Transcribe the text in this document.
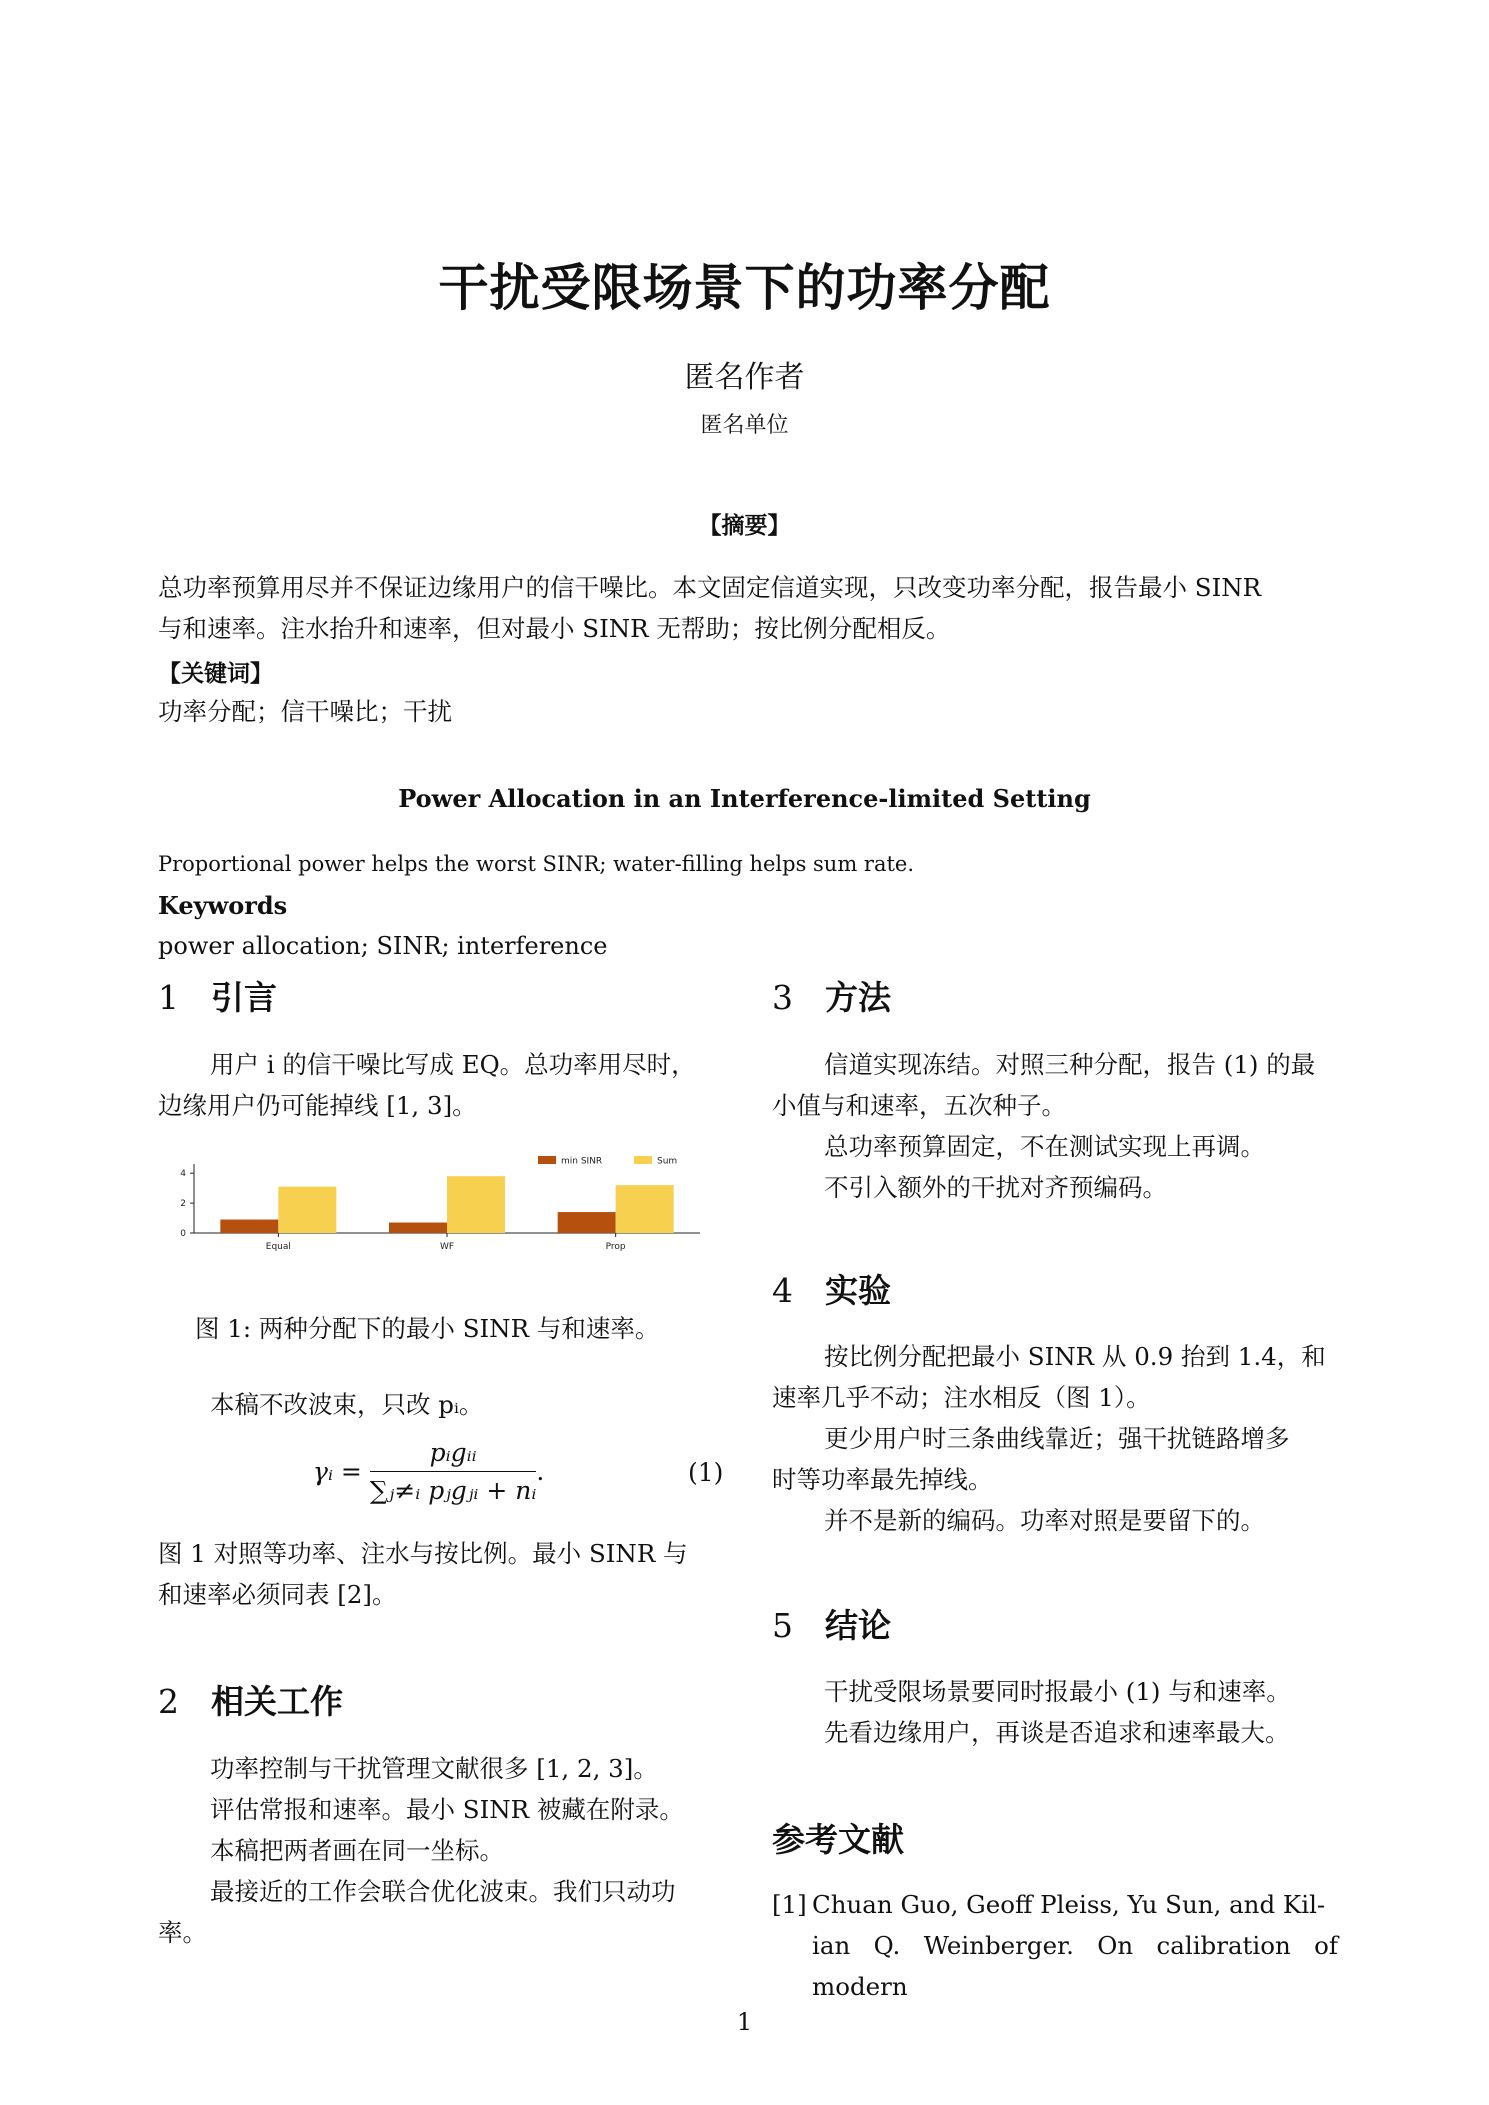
干扰受限场景下的功率分配
匿名作者
匿名单位
【摘要】
总功率预算用尽并不保证边缘用户的信干噪比。本文固定信道实现，只改变功率分配，报告最小 SINR
与和速率。注水抬升和速率，但对最小 SINR 无帮助；按比例分配相反。
【关键词】
功率分配；信干噪比；干扰
Power Allocation in an Interference-limited Setting
Proportional power helps the worst SINR; water-filling helps sum rate.
Keywords
power allocation; SINR; interference
1 引言
用户 i 的信干噪比写成 EQ。总功率用尽时，
边缘用户仍可能掉线 [1, 3]。
0
2
4
Equal	WF	Prop
min SINR	Sum
图 1: 两种分配下的最小 SINR 与和速率。
本稿不改波束，只改 pᵢ。
γᵢ = $\frac{\text{pᵢgᵢᵢ}}{\text{∑ⱼ≠ᵢ pⱼgⱼᵢ + nᵢ}}$ .	(1)
图 1 对照等功率、注水与按比例。最小 SINR 与
和速率必须同表 [2]。
2 相关工作
功率控制与干扰管理文献很多 [1, 2, 3]。
评估常报和速率。最小 SINR 被藏在附录。
本稿把两者画在同一坐标。
最接近的工作会联合优化波束。我们只动功
率。
3 方法
信道实现冻结。对照三种分配，报告 (1) 的最
小值与和速率，五次种子。
总功率预算固定，不在测试实现上再调。
不引入额外的干扰对齐预编码。
4 实验
按比例分配把最小 SINR 从 0.9 抬到 1.4，和
速率几乎不动；注水相反（图 1）。
更少用户时三条曲线靠近；强干扰链路增多
时等功率最先掉线。
并不是新的编码。功率对照是要留下的。
5 结论
干扰受限场景要同时报最小 (1) 与和速率。
先看边缘用户，再谈是否追求和速率最大。
参考文献
[1] Chuan Guo, Geoff Pleiss, Yu Sun, and Kil-
ian Q. Weinberger. On calibration of modern
1
